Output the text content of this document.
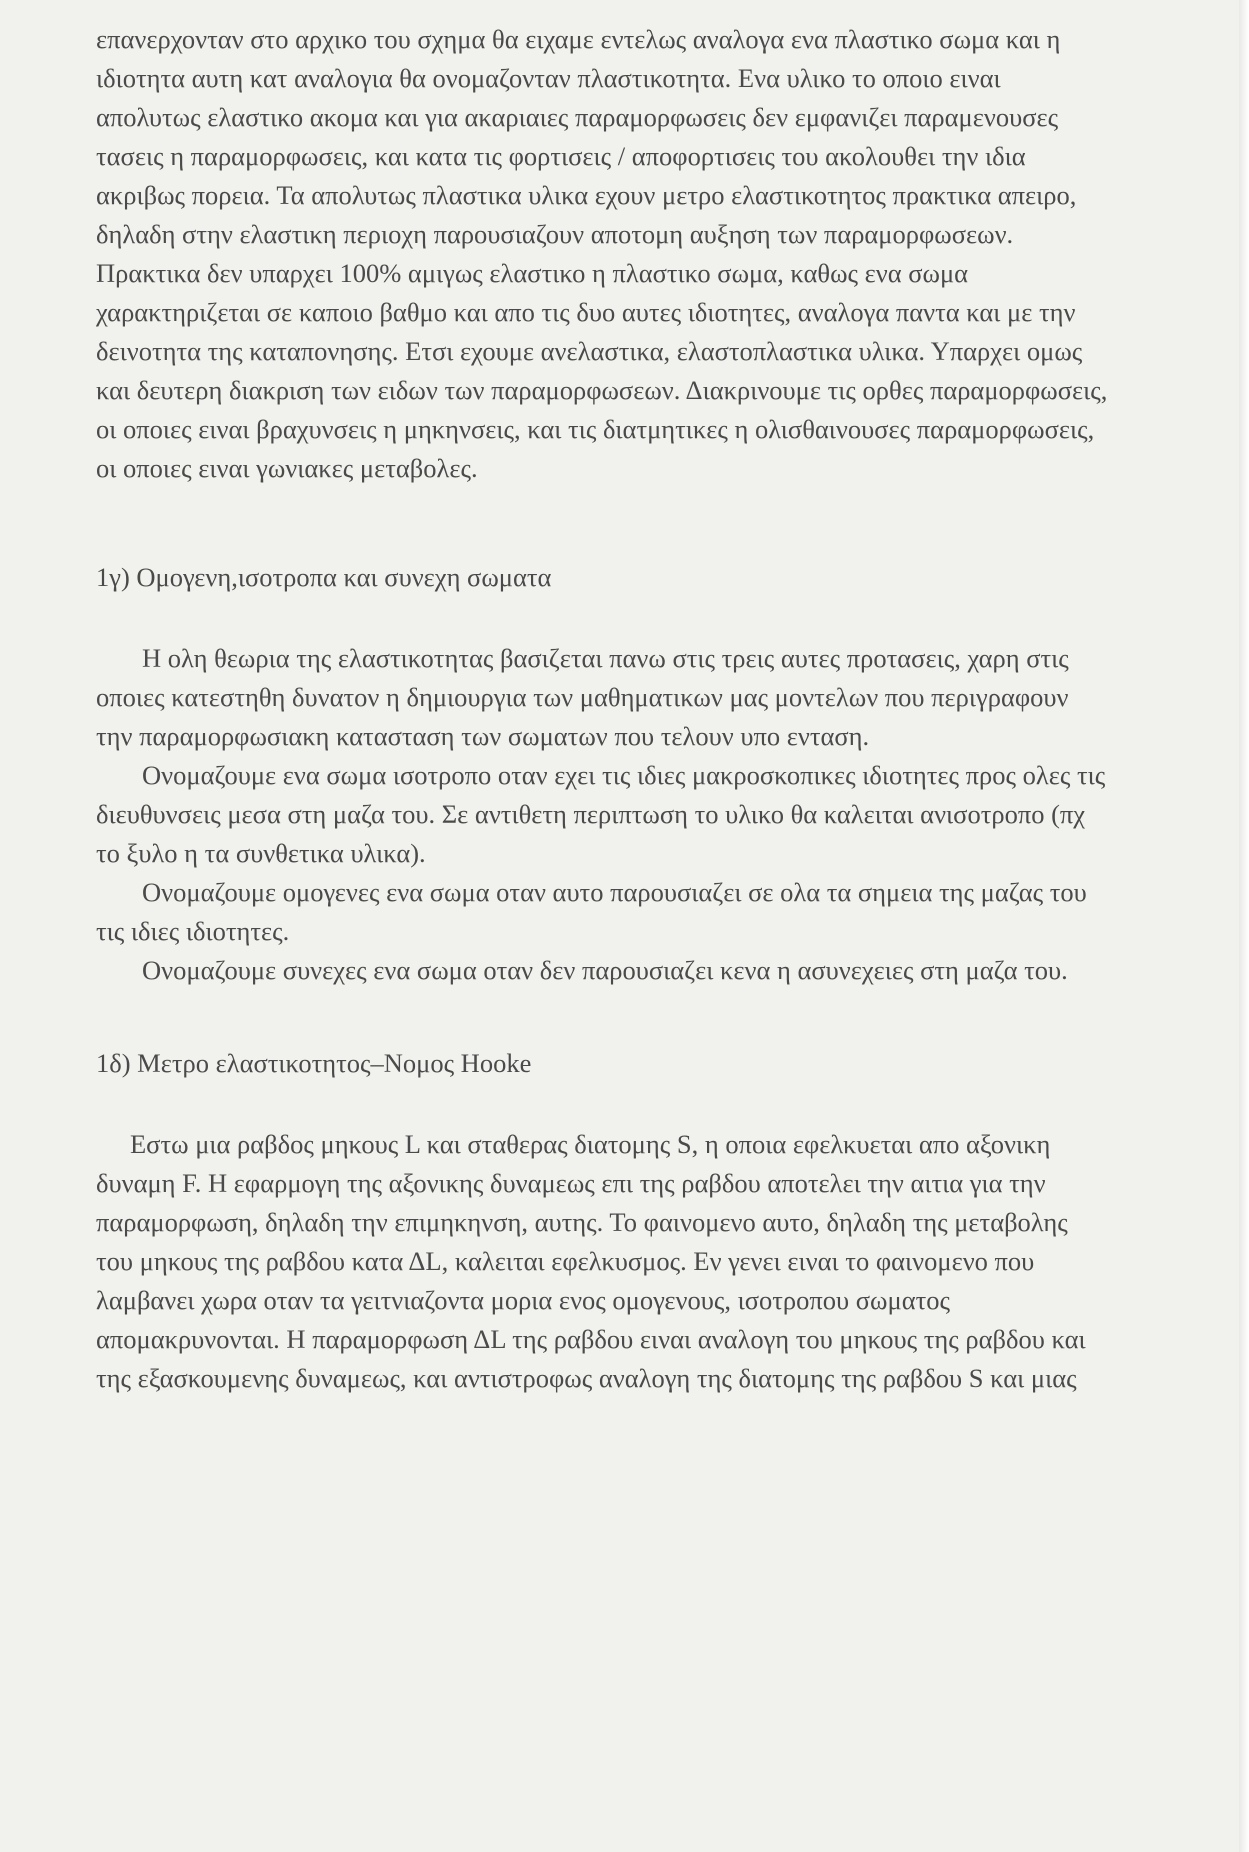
επανερχονταν στο αρχικο του σχημα θα ειχαμε εντελως αναλογα ενα πλαστικο σωμα και η ιδιοτητα αυτη κατ αναλογια θα ονομαζονταν πλαστικοτητα. Ενα υλικο το οποιο ειναι απολυτως ελαστικο ακομα και για ακαριαιες παραμορφωσεις δεν εμφανιζει παραμενουσες τασεις η παραμορφωσεις, και κατα τις φορτισεις / αποφορτισεις του ακολουθει την ιδια ακριβως πορεια. Τα απολυτως πλαστικα υλικα εχουν μετρο ελαστικοτητος πρακτικα απειρο, δηλαδη στην ελαστικη περιοχη παρουσιαζουν αποτομη αυξηση των παραμορφωσεων. Πρακτικα δεν υπαρχει 100% αμιγως ελαστικο η πλαστικο σωμα, καθως ενα σωμα χαρακτηριζεται σε καποιο βαθμο και απο τις δυο αυτες ιδιοτητες, αναλογα παντα και με την δεινοτητα της καταπονησης. Ετσι εχουμε ανελαστικα, ελαστοπλαστικα υλικα. Υπαρχει ομως και δευτερη διακριση των ειδων των παραμορφωσεων. Διακρινουμε τις ορθες παραμορφωσεις, οι οποιες ειναι βραχυνσεις η μηκηνσεις, και τις διατμητικες η ολισθαινουσες παραμορφωσεις, οι οποιες ειναι γωνιακες μεταβολες.

1γ) Ομογενη,ισοτροπα και συνεχη σωματα

Η ολη θεωρια της ελαστικοτητας βασιζεται πανω στις τρεις αυτες προτασεις, χαρη στις οποιες κατεστηθη δυνατον η δημιουργια των μαθηματικων μας μοντελων που περιγραφουν την παραμορφωσιακη κατασταση των σωματων που τελουν υπο ενταση.

Ονομαζουμε ενα σωμα ισοτροπο οταν εχει τις ιδιες μακροσκοπικες ιδιοτητες προς ολες τις διευθυνσεις μεσα στη μαζα του. Σε αντιθετη περιπτωση το υλικο θα καλειται ανισοτροπο (πχ το ξυλο η τα συνθετικα υλικα).

Ονομαζουμε ομογενες ενα σωμα οταν αυτο παρουσιαζει σε ολα τα σημεια της μαζας του τις ιδιες ιδιοτητες.

Ονομαζουμε συνεχες ενα σωμα οταν δεν παρουσιαζει κενα η ασυνεχειες στη μαζα του.

1δ) Μετρο ελαστικοτητος–Νομος Hooke

Εστω μια ραβδος μηκους L και σταθερας διατομης S, η οποια εφελκυεται απο αξονικη δυναμη F. Η εφαρμογη της αξονικης δυναμεως επι της ραβδου αποτελει την αιτια για την παραμορφωση, δηλαδη την επιμηκηνση, αυτης. Το φαινομενο αυτο, δηλαδη της μεταβολης του μηκους της ραβδου κατα ΔL, καλειται εφελκυσμος. Εν γενει ειναι το φαινομενο που λαμβανει χωρα οταν τα γειτνιαζοντα μορια ενος ομογενους, ισοτροπου σωματος απομακρυνονται. Η παραμορφωση ΔL της ραβδου ειναι αναλογη του μηκους της ραβδου και της εξασκουμενης δυναμεως, και αντιστροφως αναλογη της διατομης της ραβδου S και μιας
